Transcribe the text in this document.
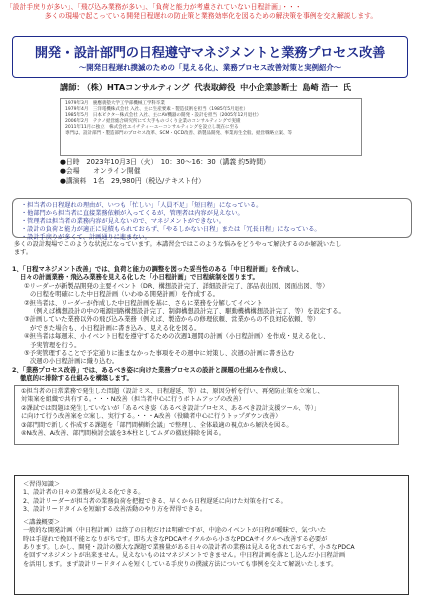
「設計手戻りが多い」、「飛び込み業務が多い」、「負荷と能力が考慮されていない日程計画」・・・
多くの現場で起こっている開発日程遅れの防止策と業務効率化を図るための解決策を事例を交え解説します。
開発・設計部門の日程遵守マネジメントと業務プロセス改善
～開発日程遅れ撲滅のための「見える化」、業務プロセス改善対策と実例紹介～
講師： （株）HTAコンサルティング 代表取締役 中小企業診断士 島崎 浩一 氏
1979年3月　慶應義塾大学工学部機械工学科卒業
1979年4月　三洋電機株式会社 入社、主に生産要素・製造技術を担当（1985年5月退社）
1985年5月　日本ビクター株式会社 入社、主にAV機器の開発・設計を担当（2005年12月退社）
2006年2月　テクノ経営総合研究所にて大手ものづくり企業のコンサルティングで実績
2011年11月に独立　株式会社エイチティーエーコンサルティングを設立し現在に至る
専門は、設計部門・製造部門のプロセス改革、SCM・QCD改善、新製品開発、事業再生全般、経営戦略立案、等
●日時　2023年10月3日（火）　10：30～16：30（講義 約5時間）
●会場　　オンライン開催
●講演料　1名　29,980円（税込/テキスト付）
・担当者の日程遅れの理由が、いつも「忙しい」「人員不足」「短日程」になっている。
・他部門から担当者に直接業務依頼が入ってくるが、管理者は内容が見えない。
・管理者は担当者の業務内容が見えないので、マネジメントができない。
・設計の負荷と能力が適正に見積もられておらず、「やるしかない日程」または「冗長日程」になっている。
・設計手戻りが多くて、計画通りに進まない。
多くの設計現場でこのような状況になっています。本講習会ではこのような悩みをどうやって解決するのか解説いたし
ます。
1、「日程マネジメント改善」では、負荷と能力の調整を図った妥当性のある「中日程計画」を作成し、
日々の計画業務・飛込み業務を見える化した「小日程計画」で日程統制を図ります。
①リーダーが新製品開発の主要イベント（DR、構想設計完了、詳細設計完了、部品表出図、図面出図、等）
の日程を明確にした中日程計画（いわゆる開発計画）を作成する。
②担当者は、リーダーが作成した中日程計画を基に、さらに業務を分解してイベント
（例えば構想設計の中の電源回路構想設計完了、制御構想設計完了、駆動機構構想設計完了、等）を設定する。
③計画していた業務以外の飛び込み業務（例えば、製造からの修理依頼、営業からの不良対応依頼、等）
ができた場合も、小日程計画に書き込み、見える化を図る。
④担当者は毎週末、小イベント日程を遵守するための次週1週間の計画（小日程計画）を作成・見える化し、
予実管理を行う。
⑤予実管理することで予定通りに進まなかった事項をその週中に対策し、次週の計画に書き込む
次週の小日程計画に織り込む。
2、「業務プロセス改善」では、あるべき姿に向けた業務プロセスの設計と課題の仕組みを作成し、
徹底的に排除する仕組みを構築します。
①担当者の日常業務で発生した問題（設計ミス、日程遅延、等）は、原因分析を行い、再発防止策を立案し、
対策案を組織で共有する。・・・N改善（担当者中心に行うボトムアップの改善）
②課試では問題は発生していないが「あるべき姿（あるべき設計プロセス、あるべき設計支援ツール、等）」
に向けて行う改善案を立案し、実行する。・・・A改善（役職者中心に行うトップダウン改善）
③部門間で新しく作成する課題を「部門間横断会議」で整理し、全体最適の視点から解決を図る。
④N改善、A改善、部門間検討会議を3本柱としてムダの徹底排除を図る。
＜習得知識＞
1、設計者の日々の業務が見える化できる。
2、設計リーダーが担当者の業務負荷を把握できる、早くから日程遅延に向けた対策を打てる。
3、設計リードタイムを短縮する改善活動のやり方を習得できる。
＜講義概要＞
一般的な開発計画（中日程計画）は終了の日程だけは明確ですが、中途のイベントが日程が曖昧で、気づいた
時は手遅れで挽回不能となりがちです。即ち大きなPDCAサイクルから小さなPDCAサイクルへ改善する必要が
あります。しかし、開発・設計の膨大な課題で業務量がある日々の設計者の業務は見える化されておらず、小さなPDCA
を回すマネジメントが出来ません。見えないものはマネジメントできません。中日程計画を落とし込んだ小日程計画
を活用します。まず設計リードタイムを短くしている手戻りの撲滅方法についても事例を交えて解説いたします。
